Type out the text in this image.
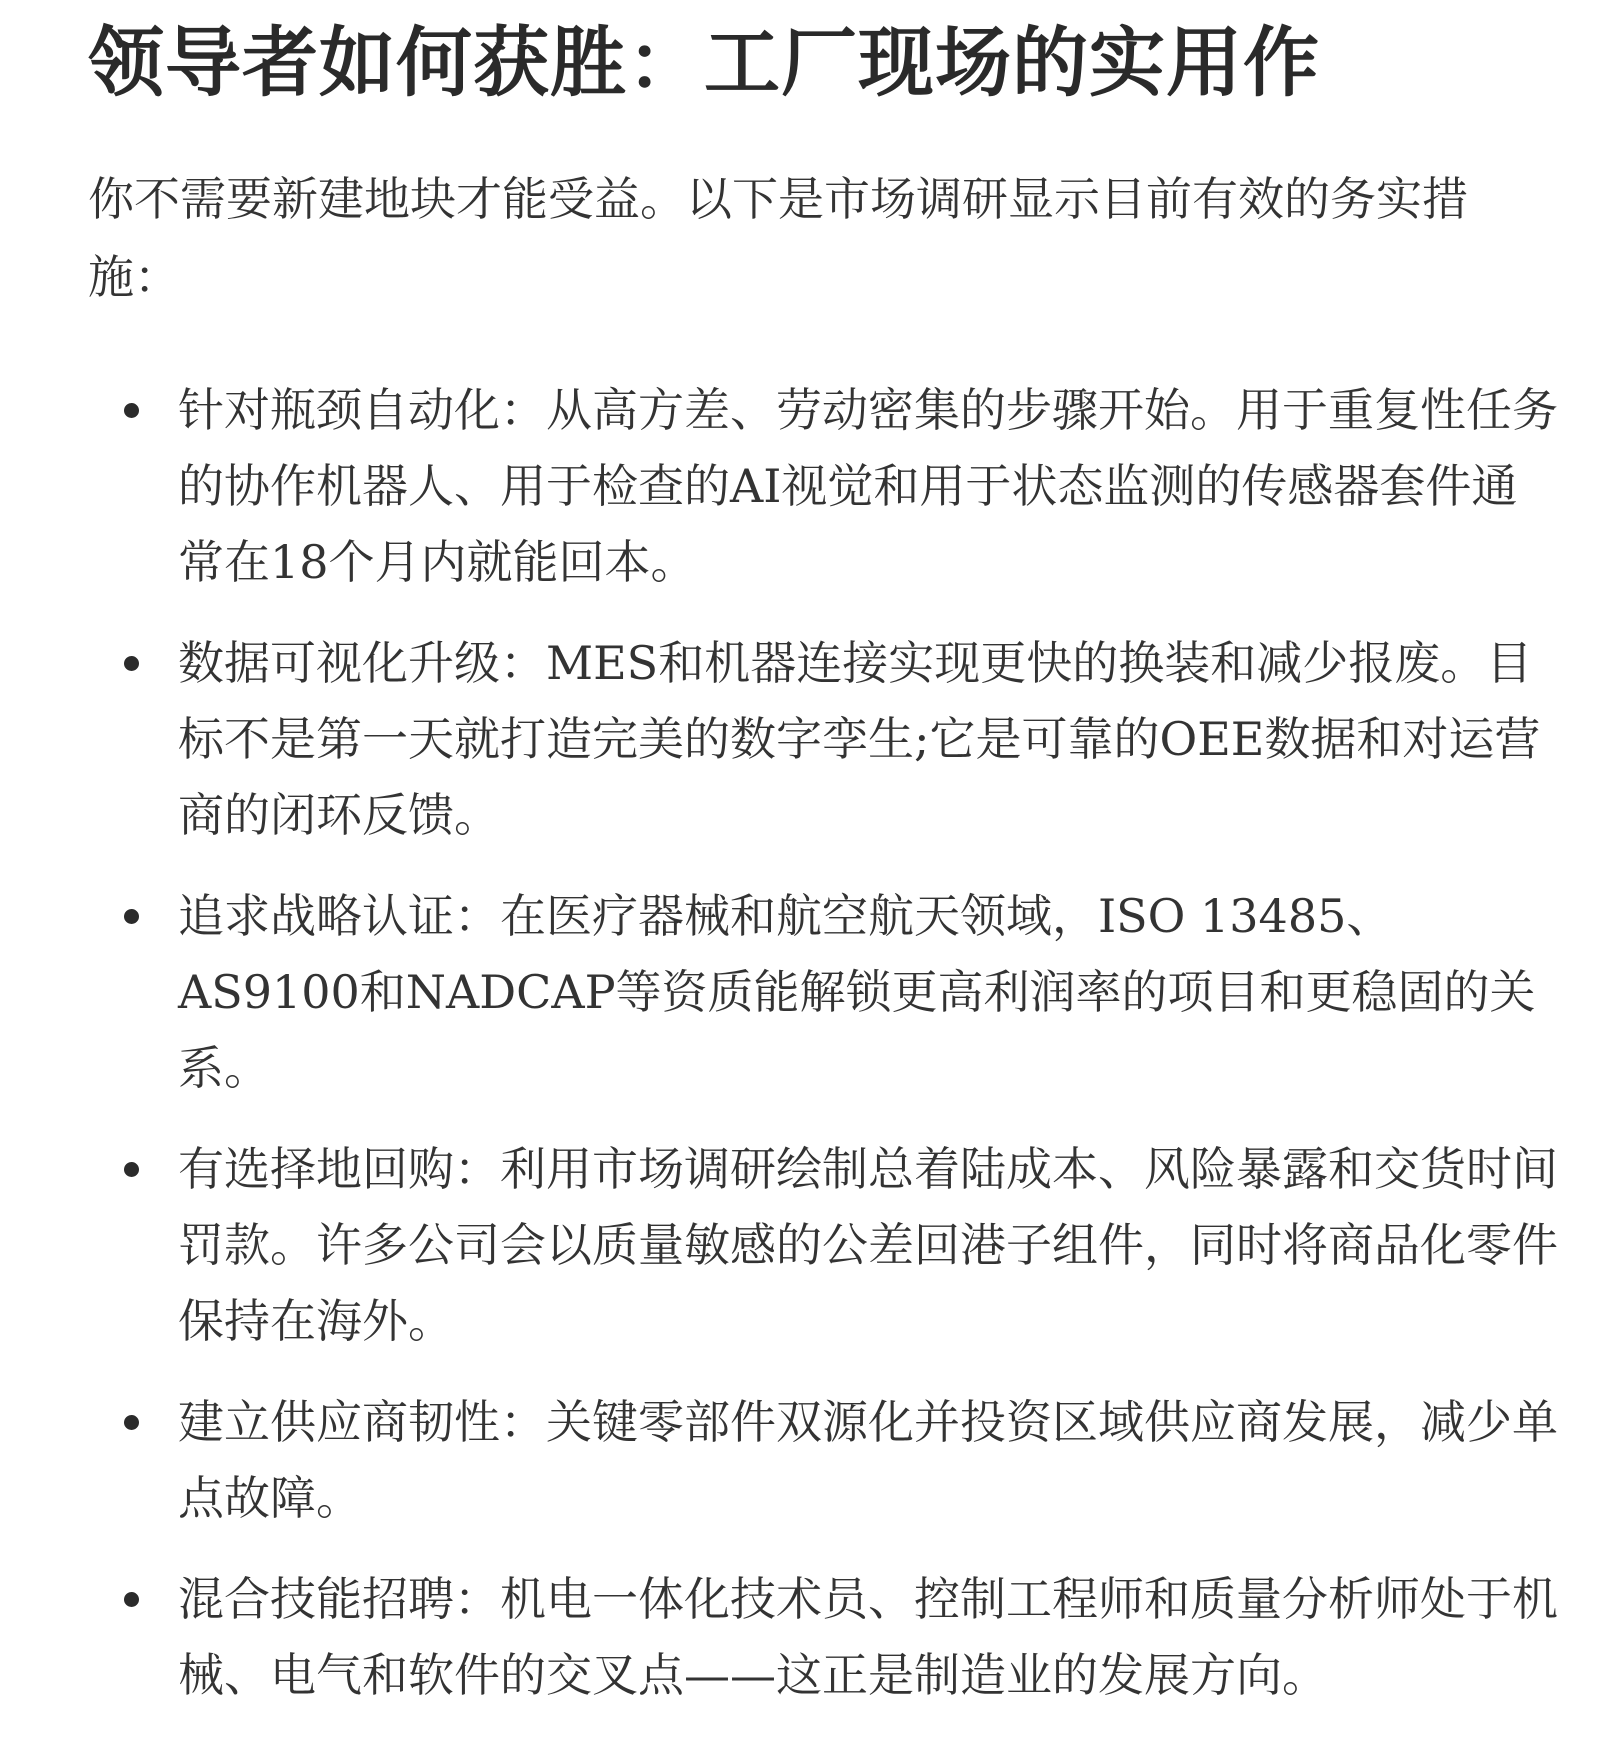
领导者如何获胜：工厂现场的实用作

你不需要新建地块才能受益。以下是市场调研显示目前有效的务实措施：

针对瓶颈自动化：从高方差、劳动密集的步骤开始。用于重复性任务的协作机器人、用于检查的AI视觉和用于状态监测的传感器套件通常在18个月内就能回本。
数据可视化升级：MES和机器连接实现更快的换装和减少报废。目标不是第一天就打造完美的数字孪生;它是可靠的OEE数据和对运营商的闭环反馈。
追求战略认证：在医疗器械和航空航天领域，ISO 13485、AS9100和NADCAP等资质能解锁更高利润率的项目和更稳固的关系。
有选择地回购：利用市场调研绘制总着陆成本、风险暴露和交货时间罚款。许多公司会以质量敏感的公差回港子组件，同时将商品化零件保持在海外。
建立供应商韧性：关键零部件双源化并投资区域供应商发展，减少单点故障。
混合技能招聘：机电一体化技术员、控制工程师和质量分析师处于机械、电气和软件的交叉点——这正是制造业的发展方向。
